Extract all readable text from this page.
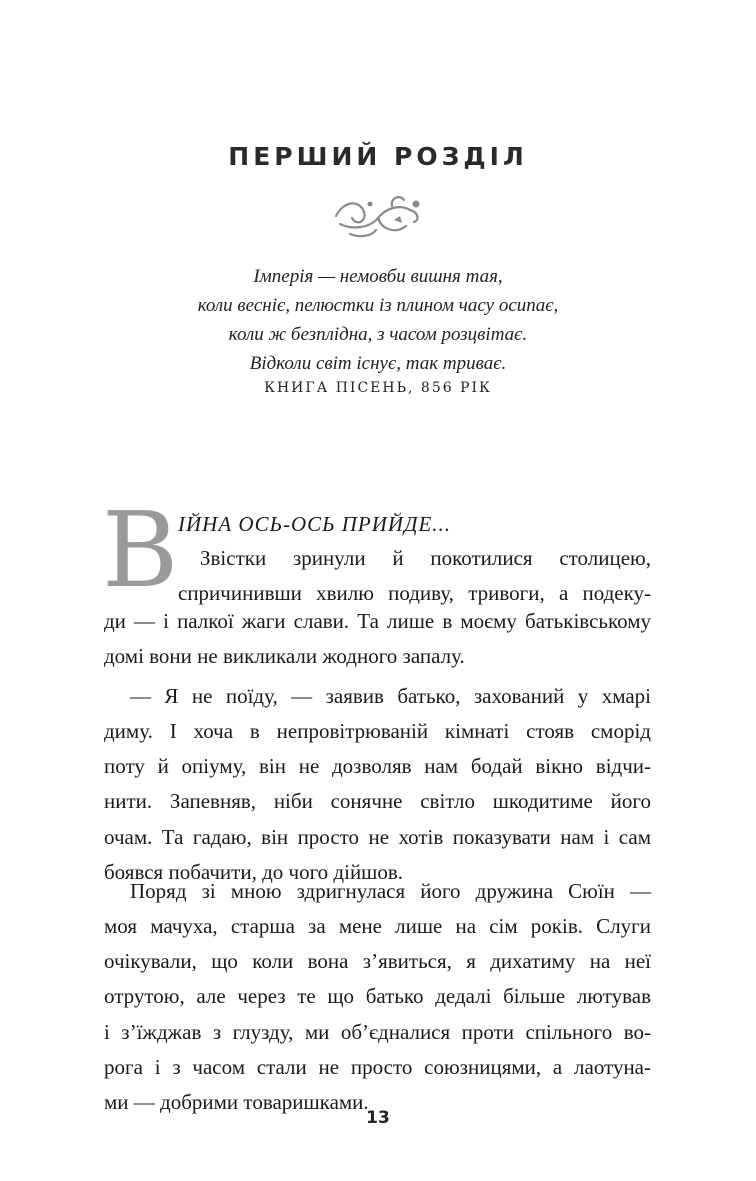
ПЕРШИЙ РОЗДІЛ
Імперія — немовби вишня тая,
коли весніє, пелюстки із плином часу осипає,
коли ж безплідна, з часом розцвітає.
Відколи світ існує, так триває.
КНИГА ПІСЕНЬ, 856 РІК
В ІЙНА ОСЬ-ОСЬ ПРИЙДЕ...
Звістки зринули й покотилися столицею,
спричинивши хвилю подиву, тривоги, а подеку-
ди — і палкої жаги слави. Та лише в моєму батьківському
домі вони не викликали жодного запалу.
— Я не поїду, — заявив батько, захований у хмарі
диму. І хоча в непровітрюваній кімнаті стояв сморід
поту й опіуму, він не дозволяв нам бодай вікно відчи-
нити. Запевняв, ніби сонячне світло шкодитиме його
очам. Та гадаю, він просто не хотів показувати нам і сам
боявся побачити, до чого дійшов.
Поряд зі мною здригнулася його дружина Сюїн —
моя мачуха, старша за мене лише на сім років. Слуги
очікували, що коли вона з’явиться, я дихатиму на неї
отрутою, але через те що батько дедалі більше лютував
і з’їжджав з глузду, ми об’єдналися проти спільного во-
рога і з часом стали не просто союзницями, а лаотуна-
ми — добрими товаришками.
13
